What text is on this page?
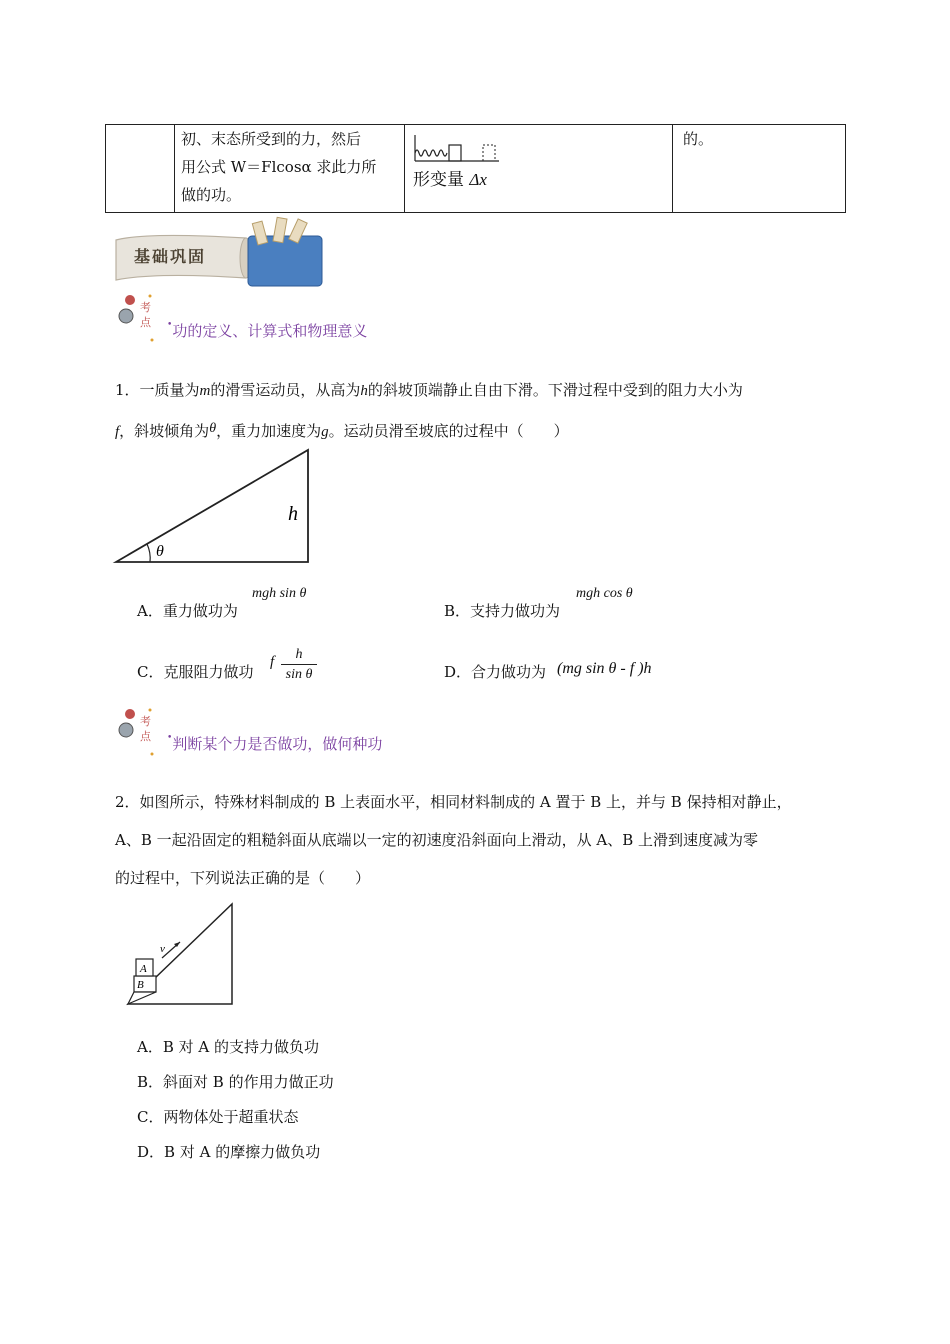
初、末态所受到的力，然后
用公式 W＝Flcosα 求此力所
做的功。

形变量 Δx

的。
基础巩固
考点	•功的定义、计算式和物理意义
1．一质量为m的滑雪运动员，从高为h的斜坡顶端静止自由下滑。下滑过程中受到的阻力大小为
f，斜坡倾角为θ，重力加速度为g。运动员滑至坡底的过程中（　　）
h
θ
A．重力做功为
mgh sin θ
B．支持力做功为
mgh cos θ
C．克服阻力做功
f $\frac{h}{\text{sin θ}}$	D．合力做功为 (mg sin θ - f )h
考点	•判断某个力是否做功，做何种功
2．如图所示，特殊材料制成的 B 上表面水平，相同材料制成的 A 置于 B 上，并与 B 保持相对静止，
A、B 一起沿固定的粗糙斜面从底端以一定的初速度沿斜面向上滑动，从 A、B 上滑到速度减为零
的过程中，下列说法正确的是（　　）
A
B
v
A．B 对 A 的支持力做负功
B．斜面对 B 的作用力做正功
C．两物体处于超重状态
D．B 对 A 的摩擦力做负功
